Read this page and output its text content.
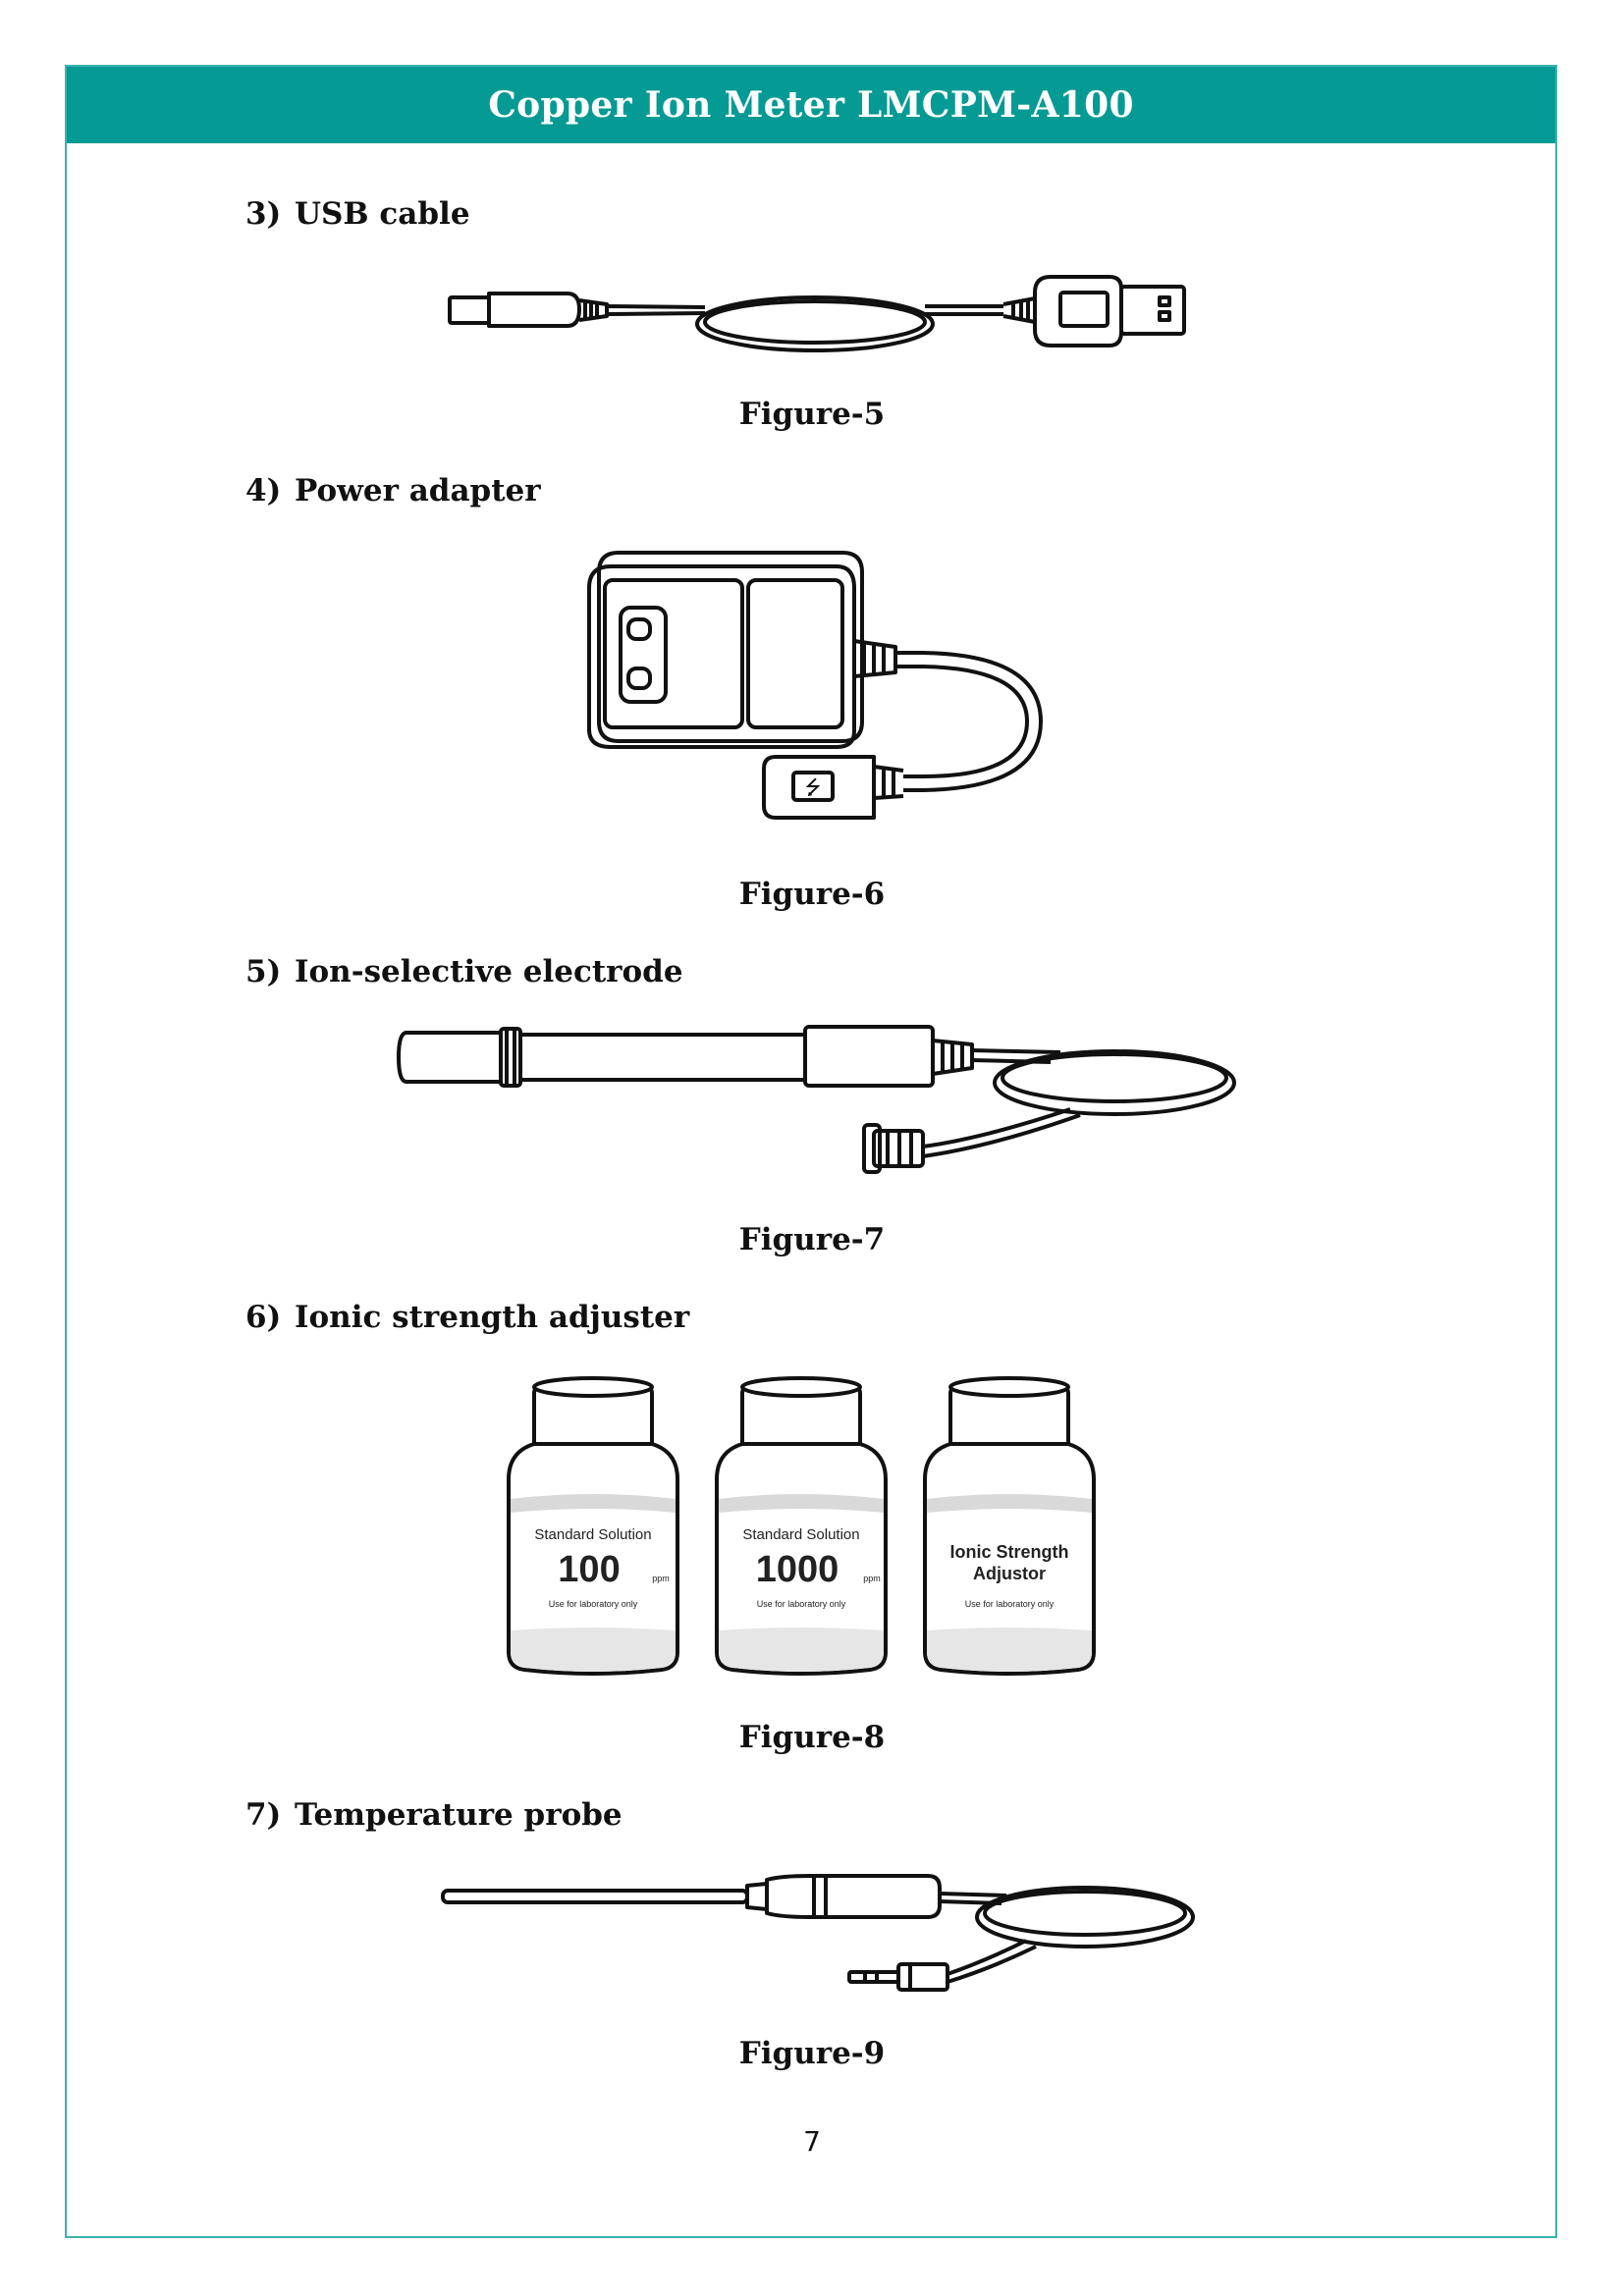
Copper Ion Meter LMCPM-A100
3) USB cable

Figure-5

4) Power adapter
⭍

Figure-6

5) Ion-selective electrode

Figure-7

6) Ionic strength adjuster
Standard Solution
100	ppm
Use for laboratory only
Standard Solution
1000	ppm
Use for laboratory only
Ionic Strength
Adjustor
Use for laboratory only

Figure-8

7) Temperature probe

Figure-9

7
